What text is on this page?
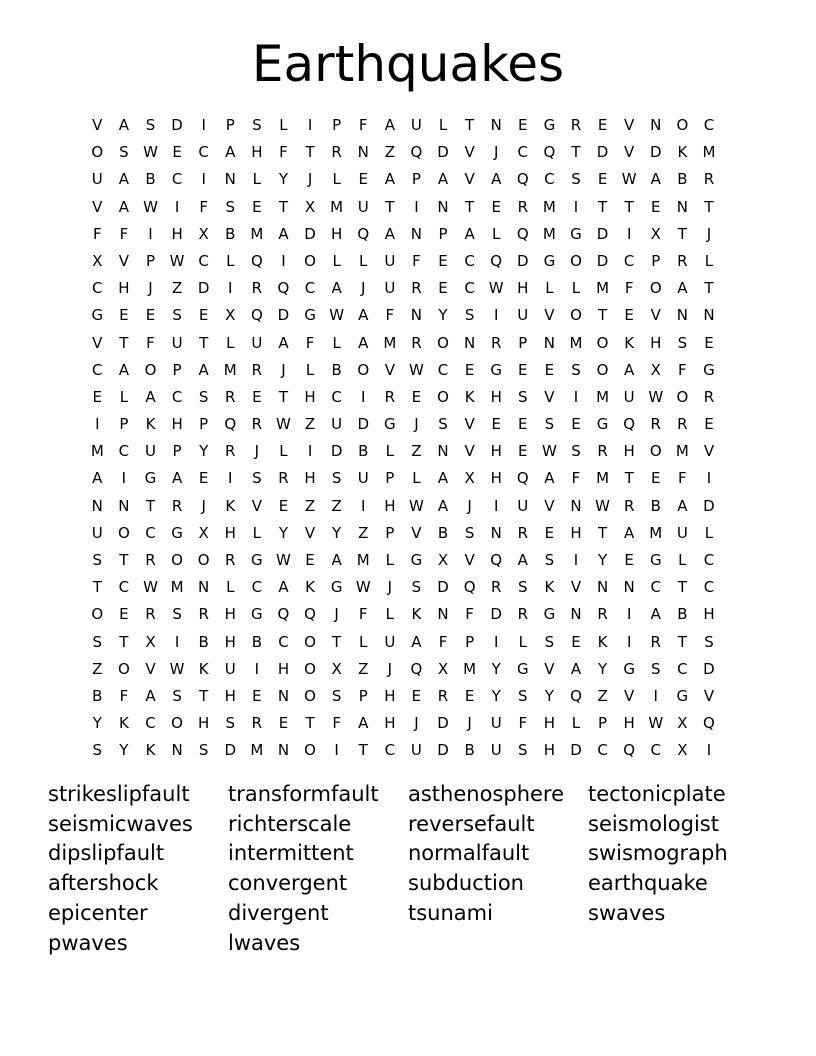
Earthquakes
V A S D I P S L I P F A U L T N E G R E V N O C
O S W E C A H F T R N Z Q D V J C Q T D V D K M
U A B C I N L Y J L E A P A V A Q C S E W A B R
V A W I F S E T X M U T I N T E R M I T T E N T
F F I H X B M A D H Q A N P A L Q M G D I X T J
X V P W C L Q I O L L U F E C Q D G O D C P R L
C H J Z D I R Q C A J U R E C W H L L M F O A T
G E E S E X Q D G W A F N Y S I U V O T E V N N
V T F U T L U A F L A M R O N R P N M O K H S E
C A O P A M R J L B O V W C E G E E S O A X F G
E L A C S R E T H C I R E O K H S V I M U W O R
I P K H P Q R W Z U D G J S V E E S E G Q R R E
M C U P Y R J L I D B L Z N V H E W S R H O M V
A I G A E I S R H S U P L A X H Q A F M T E F I
N N T R J K V E Z Z I H W A J I U V N W R B A D
U O C G X H L Y V Y Z P V B S N R E H T A M U L
S T R O O R G W E A M L G X V Q A S I Y E G L C
T C W M N L C A K G W J S D Q R S K V N N C T C
O E R S R H G Q Q J F L K N F D R G N R I A B H
S T X I B H B C O T L U A F P I L S E K I R T S
Z O V W K U I H O X Z J Q X M Y G V A Y G S C D
B F A S T H E N O S P H E R E Y S Y Q Z V I G V
Y K C O H S R E T F A H J D J U F H L P H W X Q
S Y K N S D M N O I T C U D B U S H D C Q C X I
strikeslipfault
seismicwaves
dipslipfault
aftershock
epicenter
pwaves
transformfault
richterscale
intermittent
convergent
divergent
lwaves
asthenosphere
reversefault
normalfault
subduction
tsunami
tectonicplate
seismologist
swismograph
earthquake
swaves
